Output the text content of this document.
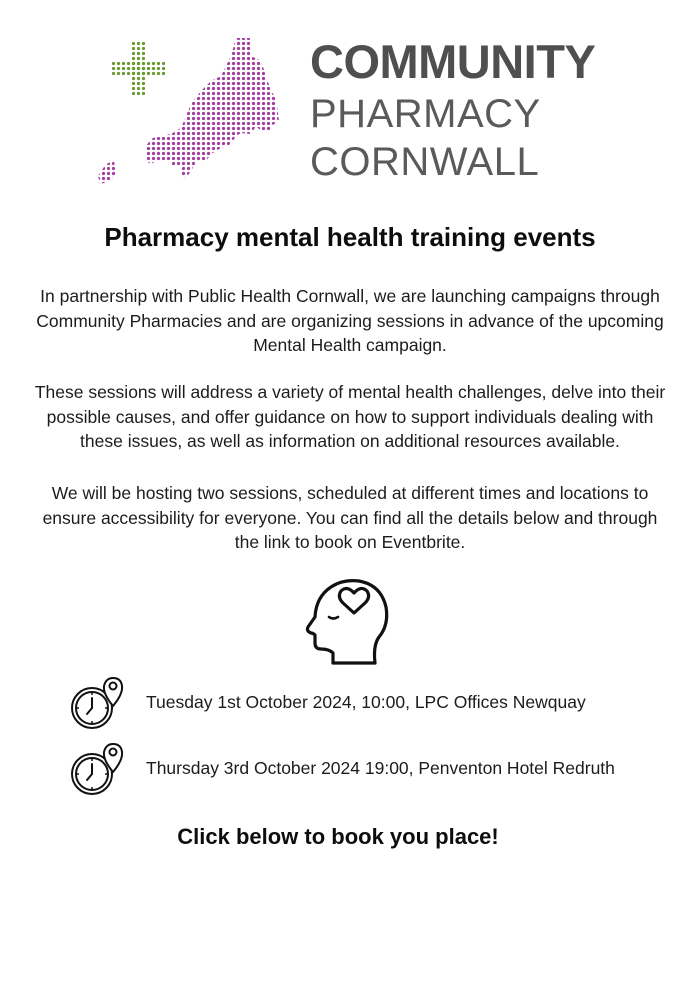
COMMUNITY
PHARMACY
CORNWALL
Pharmacy mental health training events
In partnership with Public Health Cornwall, we are launching campaigns through
Community Pharmacies and are organizing sessions in advance of the upcoming
Mental Health campaign.
These sessions will address a variety of mental health challenges, delve into their
possible causes, and offer guidance on how to support individuals dealing with
these issues, as well as information on additional resources available.
We will be hosting two sessions, scheduled at different times and locations to
ensure accessibility for everyone. You can find all the details below and through
the link to book on Eventbrite.
Tuesday 1st October 2024, 10:00, LPC Offices Newquay
Thursday 3rd October 2024 19:00, Penventon Hotel Redruth
Click below to book you place!
